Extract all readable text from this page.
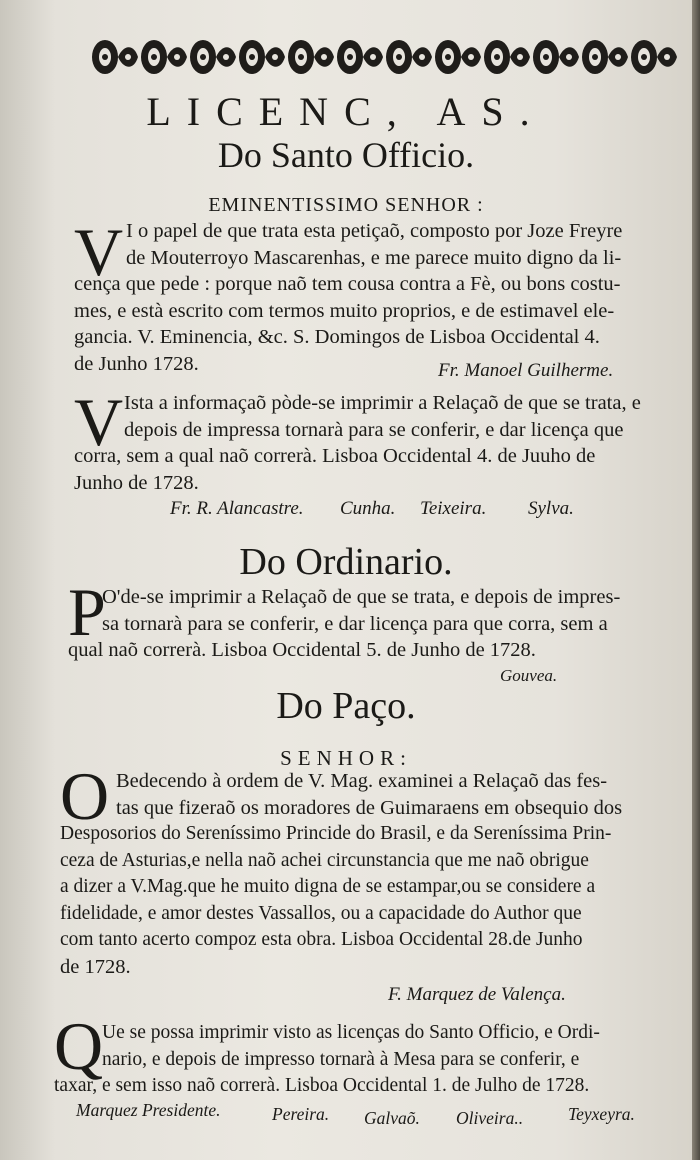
LICENC, AS.
Do Santo Officio.
EMINENTISSIMO SENHOR :
V I o papel de que trata esta petiçaõ, composto por Joze Freyre
de Mouterroyo Mascarenhas, e me parece muito digno da li-
cença que pede : porque naõ tem cousa contra a Fè, ou bons costu-
mes, e està escrito com termos muito proprios, e de estimavel ele-
gancia. V. Eminencia, &c. S. Domingos de Lisboa Occidental 4.
de Junho 1728.	Fr. Manoel Guilherme.
V Ista a informaçaõ pòde-se imprimir a Relaçaõ de que se trata, e
depois de impressa tornarà para se conferir, e dar licença que
corra, sem a qual naõ correrà. Lisboa Occidental 4. de Juuho de
Junho de 1728.
Fr. R. Alancastre. Cunha. Teixeira. Sylva.
Do Ordinario.
P
O'de-se imprimir a Relaçaõ de que se trata, e depois de impres-
sa tornarà para se conferir, e dar licença para que corra, sem a
qual naõ correrà. Lisboa Occidental 5. de Junho de 1728.
Gouvea.
Do Paço.
SENHOR:
O Bedecendo à ordem de V. Mag. examinei a Relaçaõ das fes-
tas que fizeraõ os moradores de Guimaraens em obsequio dos
Desposorios do Sereníssimo Princide do Brasil, e da Sereníssima Prin-
ceza de Asturias,e nella naõ achei circunstancia que me naõ obrigue
a dizer a V.Mag.que he muito digna de se estampar,ou se considere a
fidelidade, e amor destes Vassallos, ou a capacidade do Author que
com tanto acerto compoz esta obra. Lisboa Occidental 28.de Junho
de 1728.
F. Marquez de Valença.
Q
Ue se possa imprimir visto as licenças do Santo Officio, e Ordi-
nario, e depois de impresso tornarà à Mesa para se conferir, e
taxar, e sem isso naõ correrà. Lisboa Occidental 1. de Julho de 1728.
Marquez Presidente.	Pereira. Galvaõ. Oliveira..	Teyxeyra.
